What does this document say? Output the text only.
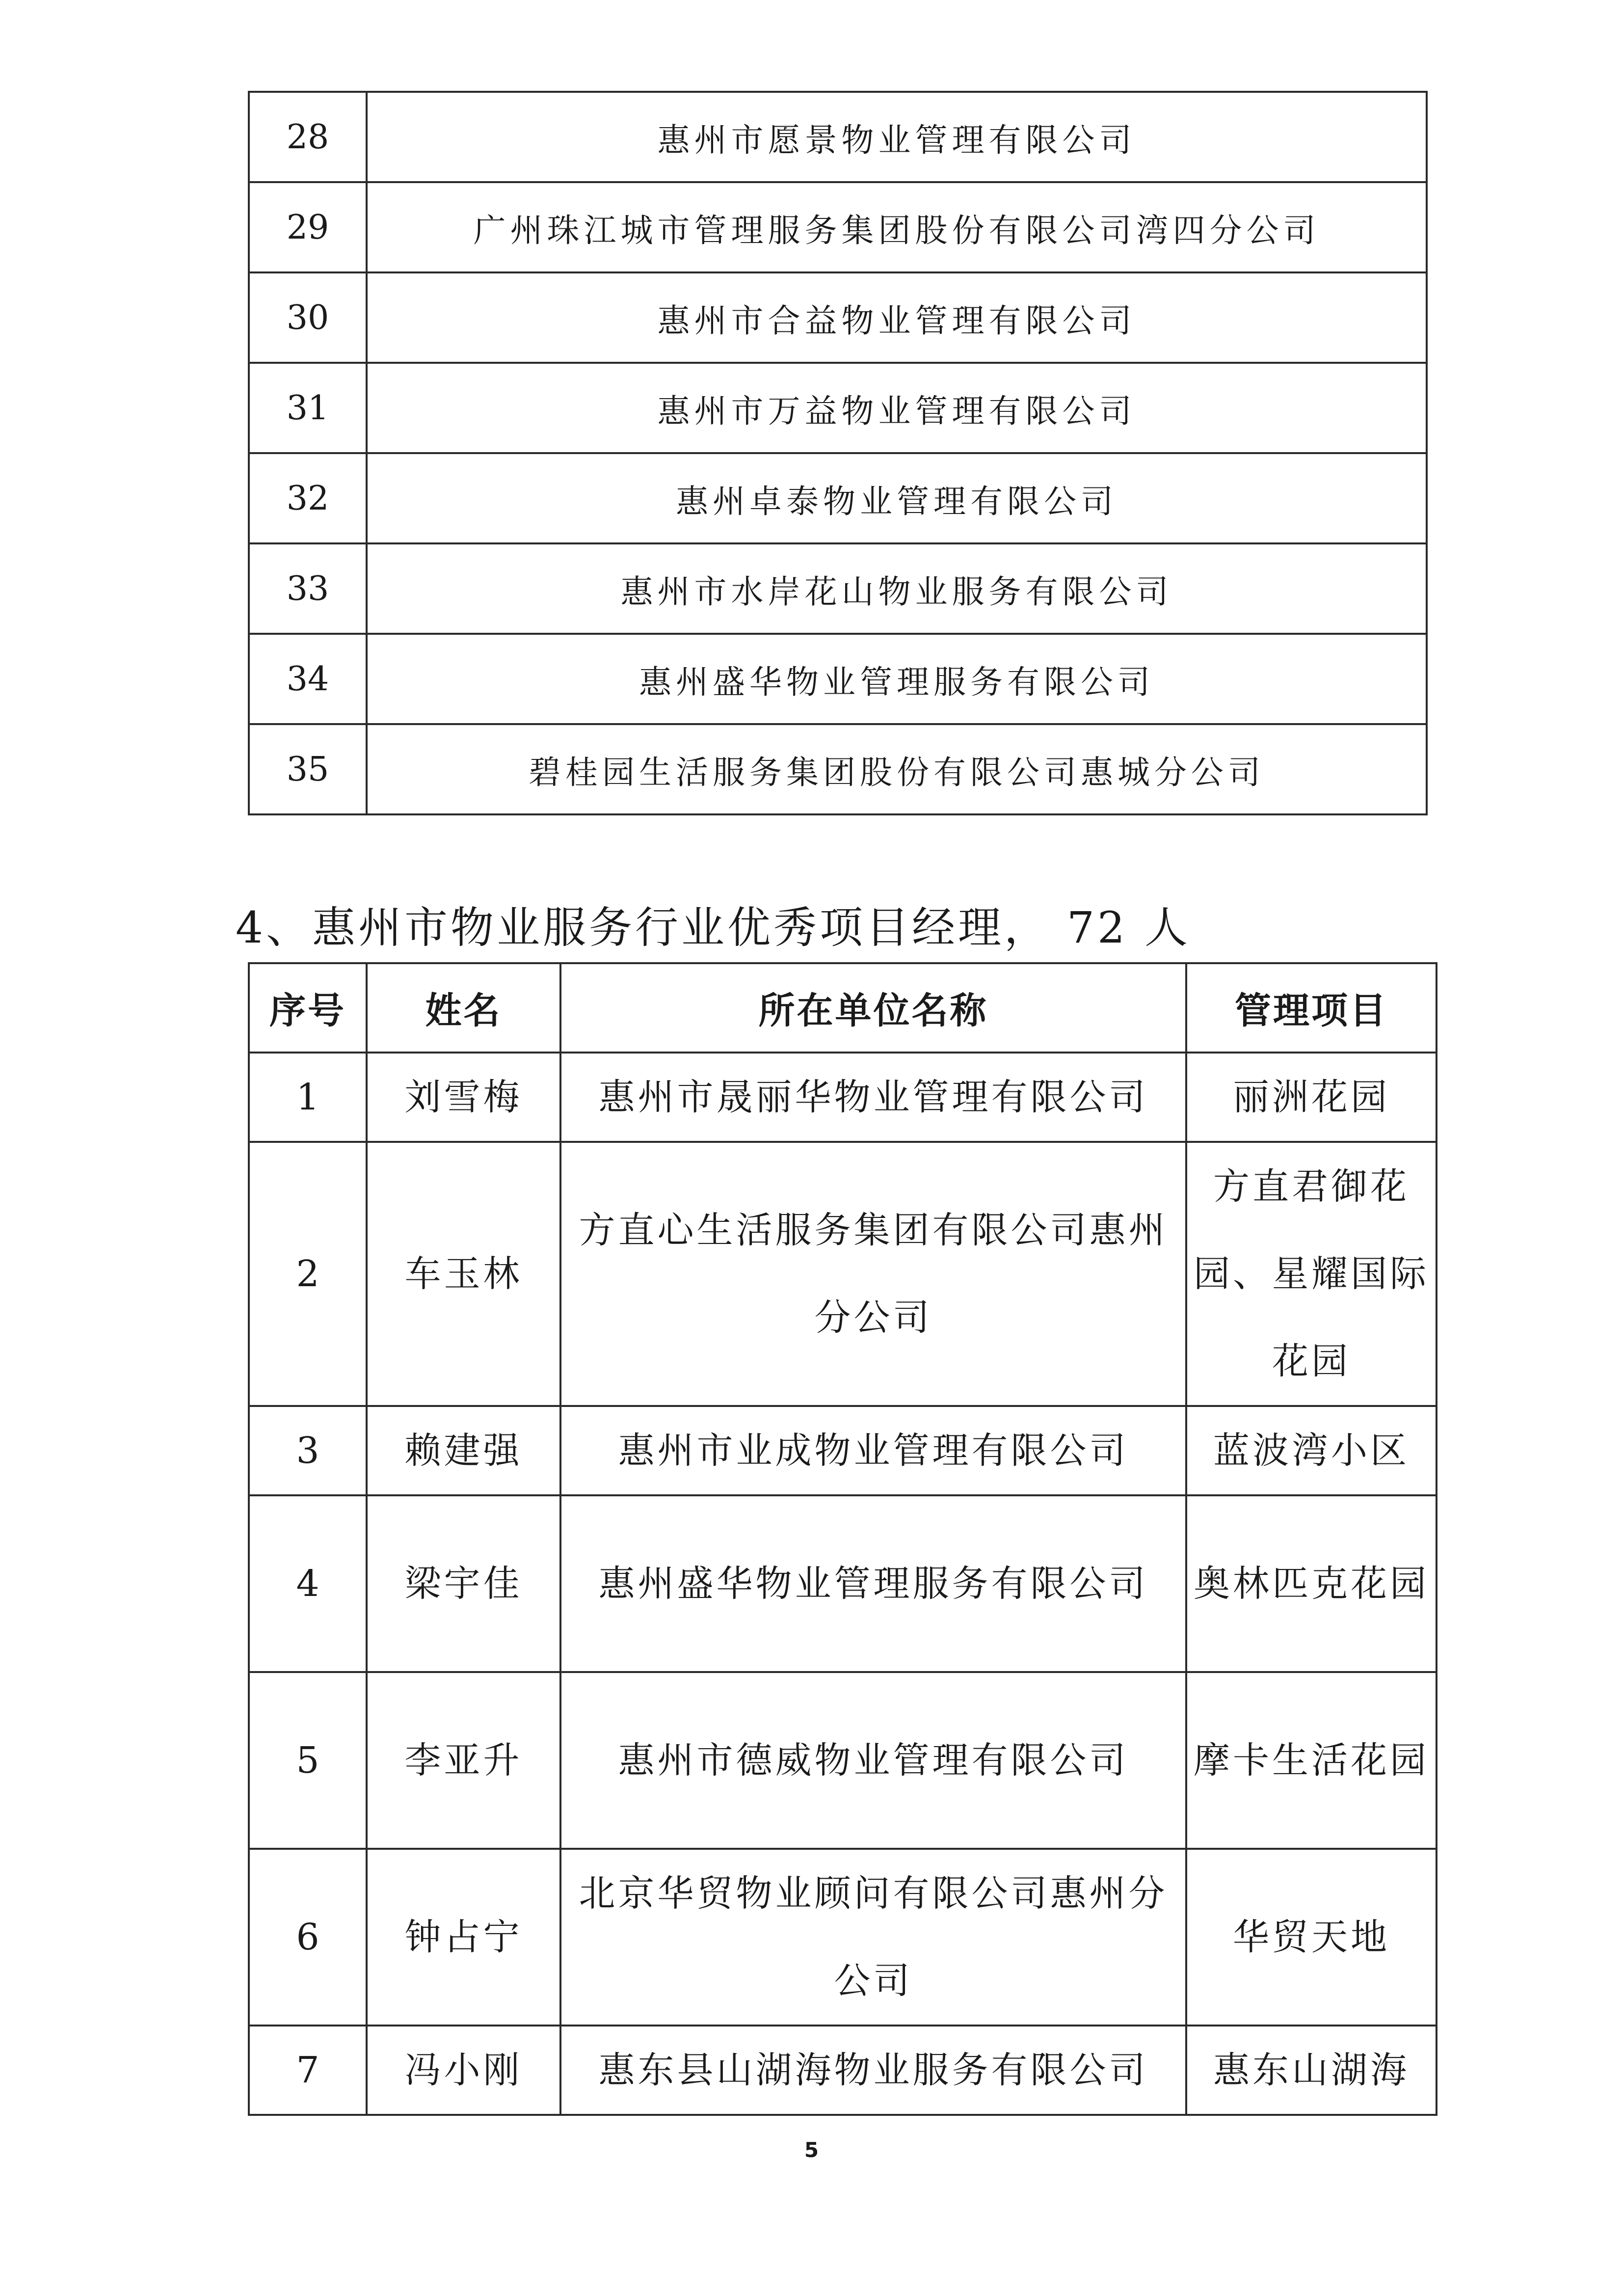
28	惠州市愿景物业管理有限公司
29	广州珠江城市管理服务集团股份有限公司湾四分公司
30	惠州市合益物业管理有限公司
31	惠州市万益物业管理有限公司
32	惠州卓泰物业管理有限公司
33	惠州市水岸花山物业服务有限公司
34	惠州盛华物业管理服务有限公司
35	碧桂园生活服务集团股份有限公司惠城分公司
4、惠州市物业服务行业优秀项目经理， 72 人
序号	姓名	所在单位名称	管理项目
1	刘雪梅	惠州市晟丽华物业管理有限公司	丽洲花园
2	车玉林	方直心生活服务集团有限公司惠州分公司	方直君御花园、星耀国际花园
3	赖建强	惠州市业成物业管理有限公司	蓝波湾小区
4	梁宇佳	惠州盛华物业管理服务有限公司	奥林匹克花园
5	李亚升	惠州市德威物业管理有限公司	摩卡生活花园
6	钟占宁	北京华贸物业顾问有限公司惠州分公司	华贸天地
7	冯小刚	惠东县山湖海物业服务有限公司	惠东山湖海
5
